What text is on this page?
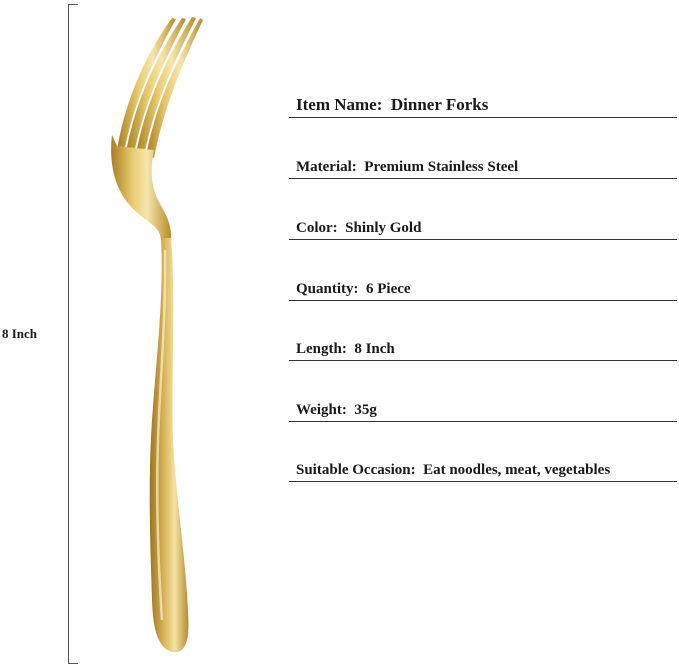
8 Inch
Item Name:  Dinner Forks
Material:  Premium Stainless Steel
Color:  Shinly Gold
Quantity:  6 Piece
Length:  8 Inch
Weight:  35g
Suitable Occasion:  Eat noodles, meat, vegetables
